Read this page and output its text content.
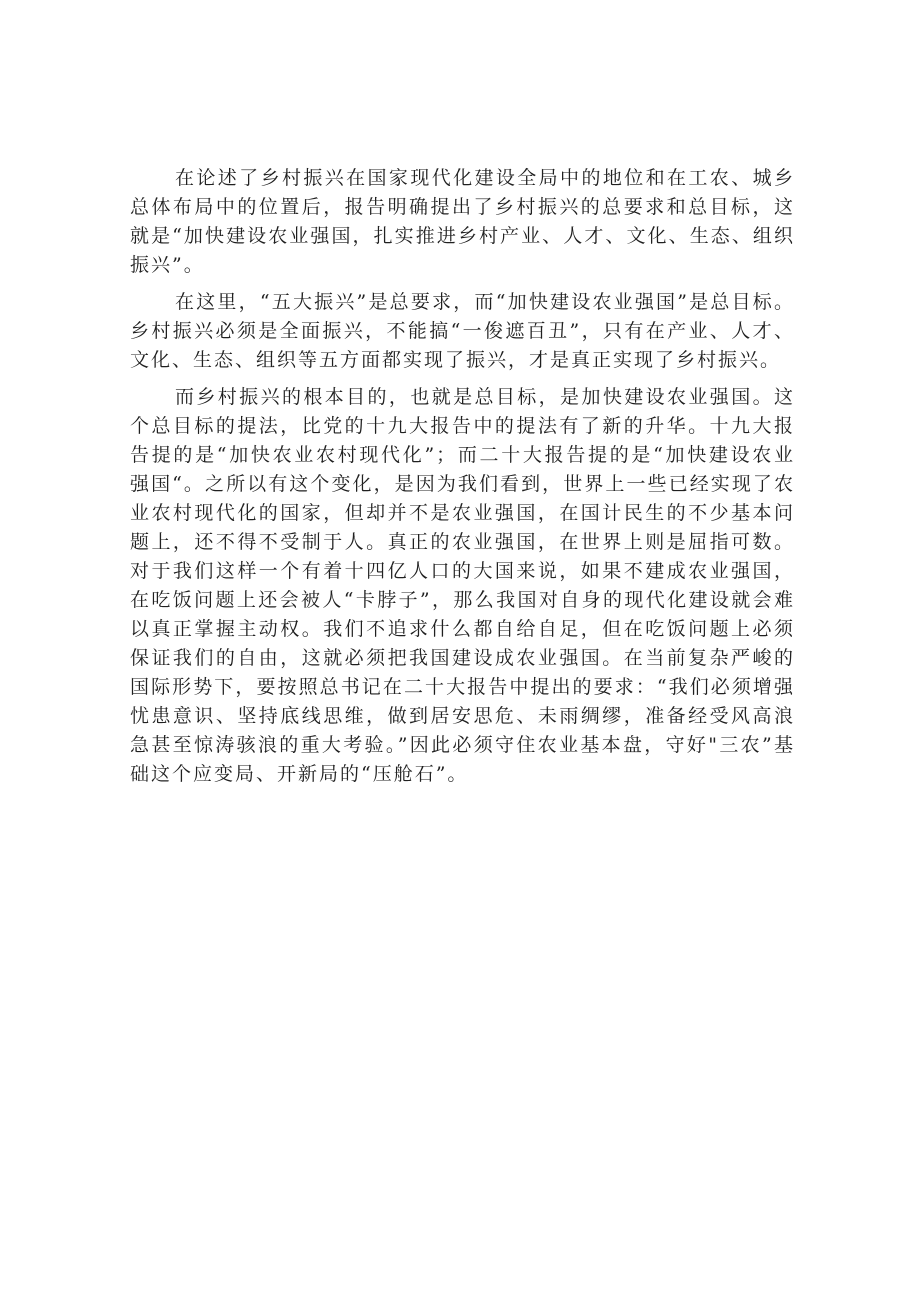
在论述了乡村振兴在国家现代化建设全局中的地位和在工农、城乡总体布局中的位置后，报告明确提出了乡村振兴的总要求和总目标，这就是“加快建设农业强国，扎实推进乡村产业、人才、文化、生态、组织振兴”。

在这里，“五大振兴”是总要求，而“加快建设农业强国”是总目标。乡村振兴必须是全面振兴，不能搞“一俊遮百丑”，只有在产业、人才、文化、生态、组织等五方面都实现了振兴，才是真正实现了乡村振兴。

而乡村振兴的根本目的，也就是总目标，是加快建设农业强国。这个总目标的提法，比党的十九大报告中的提法有了新的升华。十九大报告提的是“加快农业农村现代化”；而二十大报告提的是“加快建设农业强国“。之所以有这个变化，是因为我们看到，世界上一些已经实现了农业农村现代化的国家，但却并不是农业强国，在国计民生的不少基本问题上，还不得不受制于人。真正的农业强国，在世界上则是屈指可数。对于我们这样一个有着十四亿人口的大国来说，如果不建成农业强国，在吃饭问题上还会被人“卡脖子”，那么我国对自身的现代化建设就会难以真正掌握主动权。我们不追求什么都自给自足，但在吃饭问题上必须保证我们的自由，这就必须把我国建设成农业强国。在当前复杂严峻的国际形势下，要按照总书记在二十大报告中提出的要求：“我们必须增强忧患意识、坚持底线思维，做到居安思危、未雨绸缪，准备经受风高浪急甚至惊涛骇浪的重大考验。”因此必须守住农业基本盘，守好"三农”基础这个应变局、开新局的“压舱石”。
